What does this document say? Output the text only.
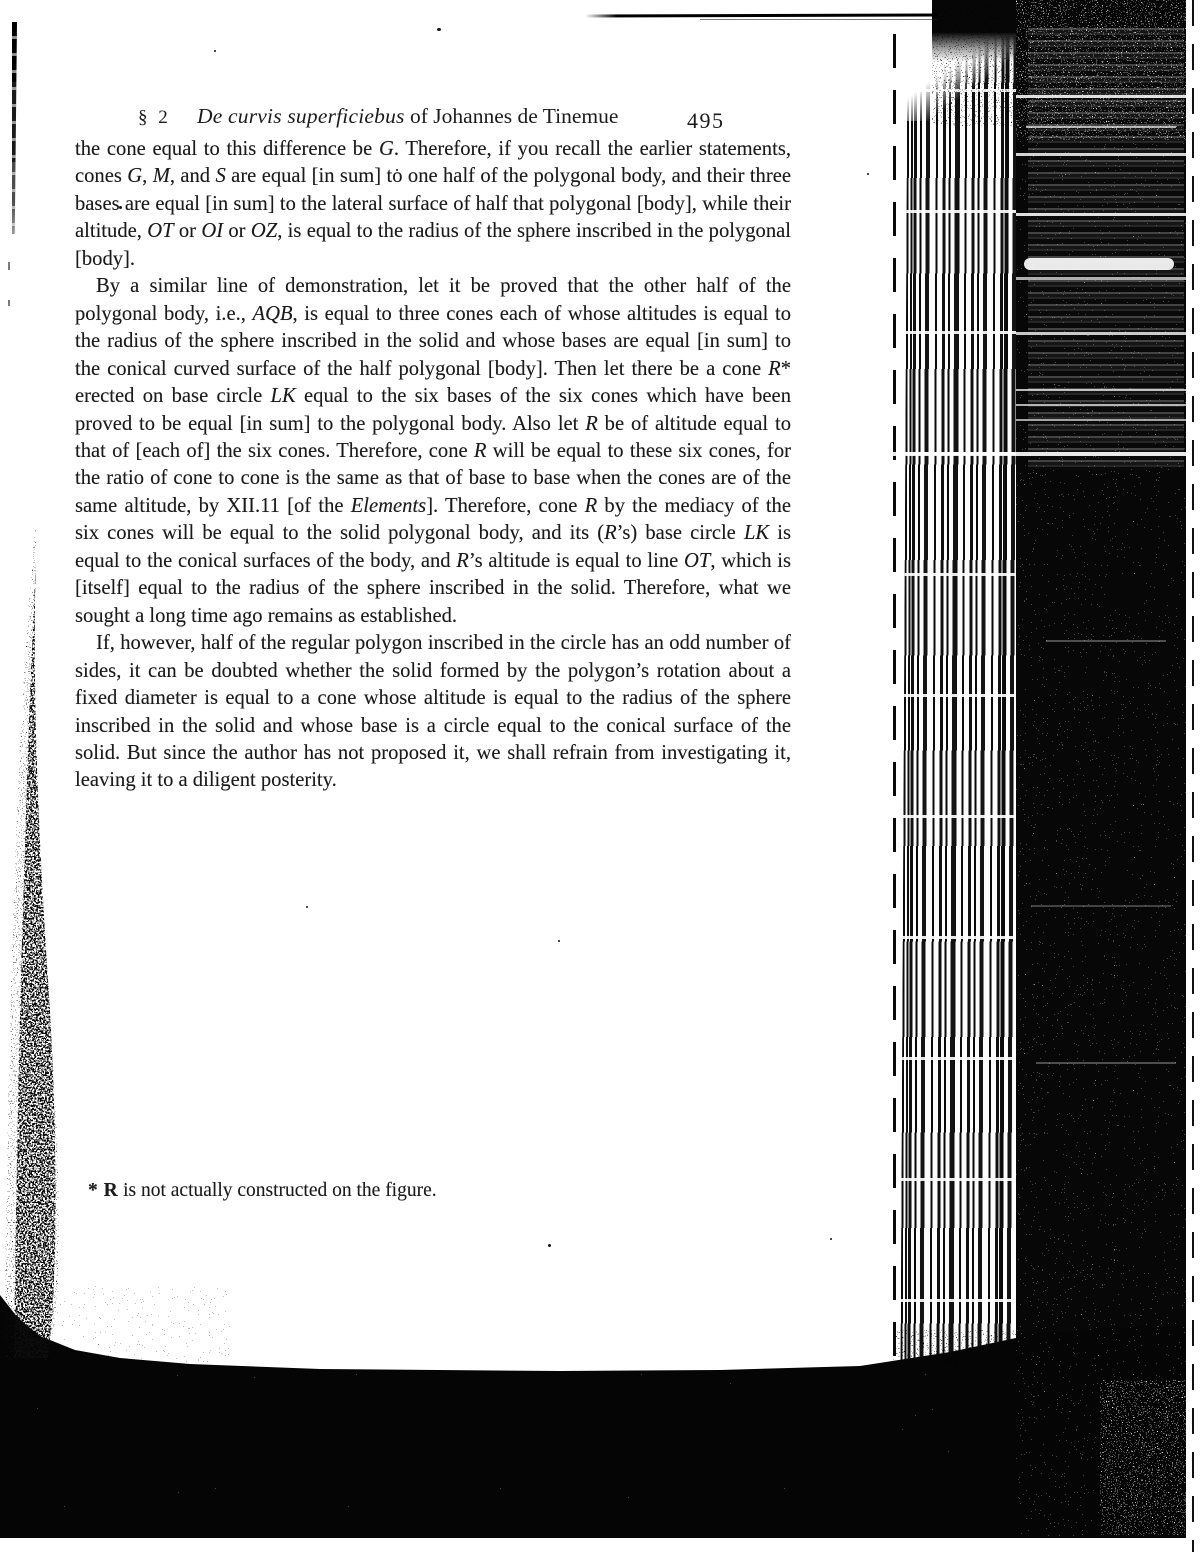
§ 2 De curvis superficiebus of Johannes de Tinemue	495

the cone equal to this difference be G. Therefore, if you recall the earlier statements, cones G, M, and S are equal [in sum] to one half of the polygonal body, and their three bases are equal [in sum] to the lateral surface of half that polygonal [body], while their altitude, OT or OI or OZ, is equal to the radius of the sphere inscribed in the polygonal [body].

By a similar line of demonstration, let it be proved that the other half of the polygonal body, i.e., AQB, is equal to three cones each of whose altitudes is equal to the radius of the sphere inscribed in the solid and whose bases are equal [in sum] to the conical curved surface of the half polygonal [body]. Then let there be a cone R* erected on base circle LK equal to the six bases of the six cones which have been proved to be equal [in sum] to the polygonal body. Also let R be of altitude equal to that of [each of] the six cones. Therefore, cone R will be equal to these six cones, for the ratio of cone to cone is the same as that of base to base when the cones are of the same altitude, by XII.11 [of the Elements]. Therefore, cone R by the mediacy of the six cones will be equal to the solid polygonal body, and its (R’s) base circle LK is equal to the conical surfaces of the body, and R’s altitude is equal to line OT, which is [itself] equal to the radius of the sphere inscribed in the solid. Therefore, what we sought a long time ago remains as established.

If, however, half of the regular polygon inscribed in the circle has an odd number of sides, it can be doubted whether the solid formed by the polygon’s rotation about a fixed diameter is equal to a cone whose altitude is equal to the radius of the sphere inscribed in the solid and whose base is a circle equal to the conical surface of the solid. But since the author has not proposed it, we shall refrain from investigating it, leaving it to a diligent posterity.

* R is not actually constructed on the figure.
